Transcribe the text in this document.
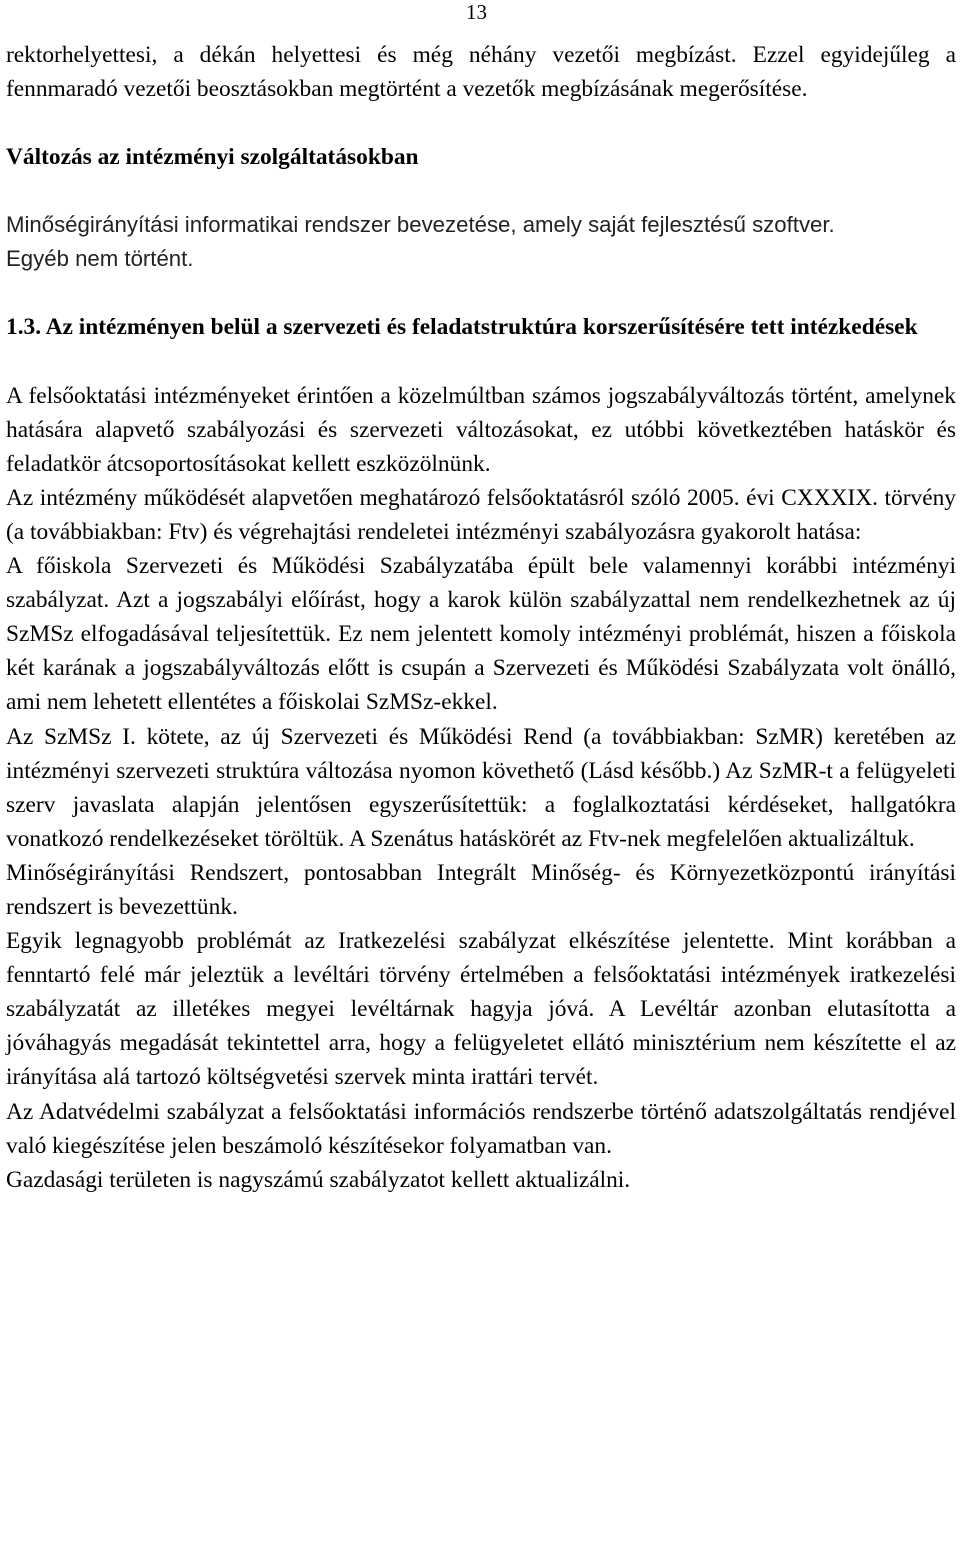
13

rektorhelyettesi, a dékán helyettesi és még néhány vezetői megbízást. Ezzel egyidejűleg a fennmaradó vezetői beosztásokban megtörtént a vezetők megbízásának megerősítése.

Változás az intézményi szolgáltatásokban

Minőségirányítási informatikai rendszer bevezetése, amely saját fejlesztésű szoftver.

Egyéb nem történt.

1.3. Az intézményen belül a szervezeti és feladatstruktúra korszerűsítésére tett intézkedések

A felsőoktatási intézményeket érintően a közelmúltban számos jogszabályváltozás történt, amelynek hatására alapvető szabályozási és szervezeti változásokat, ez utóbbi következtében hatáskör és feladatkör átcsoportosításokat kellett eszközölnünk.

Az intézmény működését alapvetően meghatározó felsőoktatásról szóló 2005. évi CXXXIX. törvény (a továbbiakban: Ftv) és végrehajtási rendeletei intézményi szabályozásra gyakorolt hatása:

A főiskola Szervezeti és Működési Szabályzatába épült bele valamennyi korábbi intézményi szabályzat. Azt a jogszabályi előírást, hogy a karok külön szabályzattal nem rendelkezhetnek az új SzMSz elfogadásával teljesítettük. Ez nem jelentett komoly intézményi problémát, hiszen a főiskola két karának a jogszabályváltozás előtt is csupán a Szervezeti és Működési Szabályzata volt önálló, ami nem lehetett ellentétes a főiskolai SzMSz-ekkel.

Az SzMSz I. kötete, az új Szervezeti és Működési Rend (a továbbiakban: SzMR) keretében az intézményi szervezeti struktúra változása nyomon követhető (Lásd később.) Az SzMR-t a felügyeleti szerv javaslata alapján jelentősen egyszerűsítettük: a foglalkoztatási kérdéseket, hallgatókra vonatkozó rendelkezéseket töröltük. A Szenátus hatáskörét az Ftv-nek megfelelően aktualizáltuk.

Minőségirányítási Rendszert, pontosabban Integrált Minőség- és Környezetközpontú irányítási rendszert is bevezettünk.

Egyik legnagyobb problémát az Iratkezelési szabályzat elkészítése jelentette. Mint korábban a fenntartó felé már jeleztük a levéltári törvény értelmében a felsőoktatási intézmények iratkezelési szabályzatát az illetékes megyei levéltárnak hagyja jóvá. A Levéltár azonban elutasította a jóváhagyás megadását tekintettel arra, hogy a felügyeletet ellátó minisztérium nem készítette el az irányítása alá tartozó költségvetési szervek minta irattári tervét.

Az Adatvédelmi szabályzat a felsőoktatási információs rendszerbe történő adatszolgáltatás rendjével való kiegészítése jelen beszámoló készítésekor folyamatban van.

Gazdasági területen is nagyszámú szabályzatot kellett aktualizálni.
